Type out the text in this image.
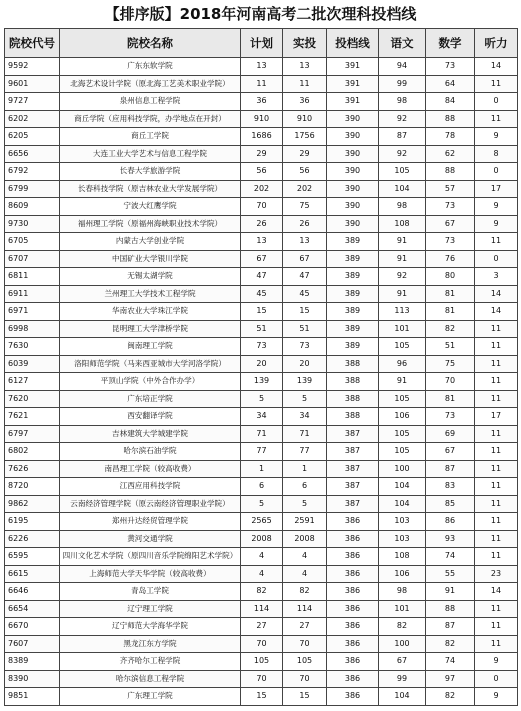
【排序版】2018年河南高考二批次理科投档线
院校代号	院校名称	计划	实投	投档线	语文	数学	听力
9592	广东东软学院	13	13	391	94	73	14
9601	北海艺术设计学院（原北海工艺美术职业学院）	11	11	391	99	64	11
9727	泉州信息工程学院	36	36	391	98	84	0
6202	商丘学院（应用科技学院，办学地点在开封）	910	910	390	92	88	11
6205	商丘工学院	1686	1756	390	87	78	9
6656	大连工业大学艺术与信息工程学院	29	29	390	92	62	8
6792	长春大学旅游学院	56	56	390	105	88	0
6799	长春科技学院（原吉林农业大学发展学院）	202	202	390	104	57	17
8609	宁波大红鹰学院	70	75	390	98	73	9
9730	福州理工学院（原福州海峡职业技术学院）	26	26	390	108	67	9
6705	内蒙古大学创业学院	13	13	389	91	73	11
6707	中国矿业大学银川学院	67	67	389	91	76	0
6811	无锡太湖学院	47	47	389	92	80	3
6911	兰州理工大学技术工程学院	45	45	389	91	81	14
6971	华南农业大学珠江学院	15	15	389	113	81	14
6998	昆明理工大学津桥学院	51	51	389	101	82	11
7630	闽南理工学院	73	73	389	105	51	11
6039	洛阳师范学院（马来西亚城市大学河洛学院）	20	20	388	96	75	11
6127	平顶山学院（中外合作办学）	139	139	388	91	70	11
7620	广东培正学院	5	5	388	105	81	11
7621	西安翻译学院	34	34	388	106	73	17
6797	吉林建筑大学城建学院	71	71	387	105	69	11
6802	哈尔滨石油学院	77	77	387	105	67	11
7626	南昌理工学院（较高收费）	1	1	387	100	87	11
8720	江西应用科技学院	6	6	387	104	83	11
9862	云南经济管理学院（原云南经济管理职业学院）	5	5	387	104	85	11
6195	郑州升达经贸管理学院	2565	2591	386	103	86	11
6226	黄河交通学院	2008	2008	386	103	93	11
6595	四川文化艺术学院（原四川音乐学院绵阳艺术学院）	4	4	386	108	74	11
6615	上海师范大学天华学院（较高收费）	4	4	386	106	55	23
6646	青岛工学院	82	82	386	98	91	14
6654	辽宁理工学院	114	114	386	101	88	11
6670	辽宁师范大学海华学院	27	27	386	82	87	11
7607	黑龙江东方学院	70	70	386	100	82	11
8389	齐齐哈尔工程学院	105	105	386	67	74	9
8390	哈尔滨信息工程学院	70	70	386	99	97	0
9851	广东理工学院	15	15	386	104	82	9
